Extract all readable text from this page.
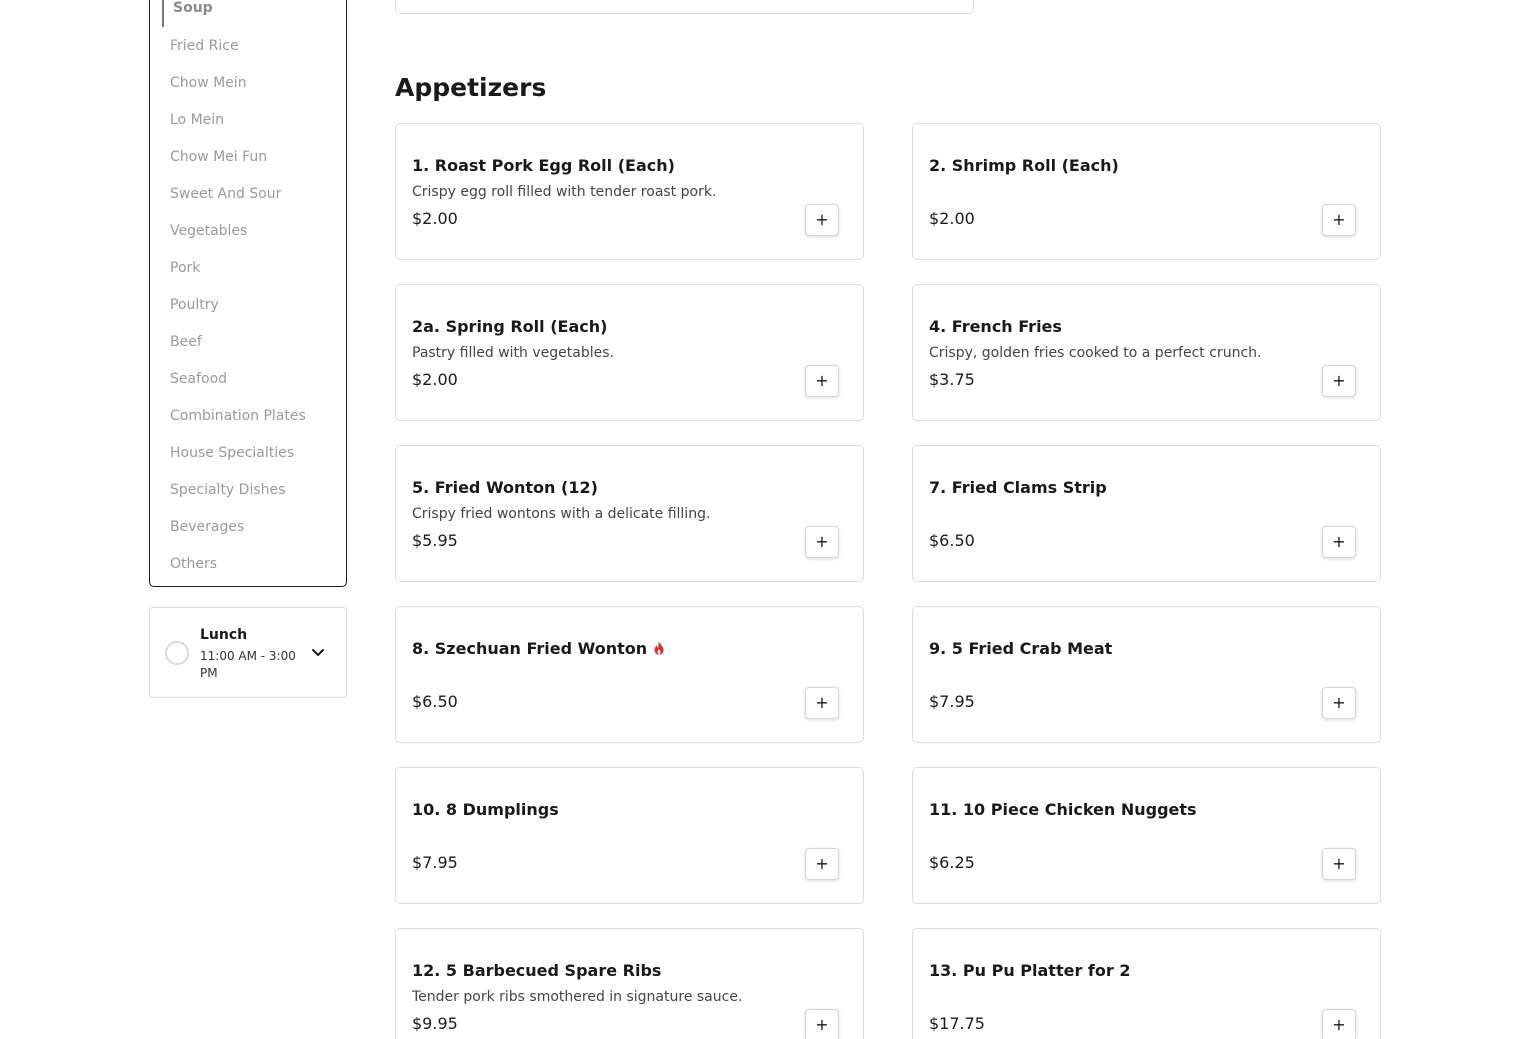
Soup
Fried Rice
Chow Mein
Lo Mein
Chow Mei Fun
Sweet And Sour
Vegetables
Pork
Poultry
Beef
Seafood
Combination Plates
House Specialties
Specialty Dishes
Beverages
Others
Lunch
11:00 AM - 3:00 PM
Appetizers
1. Roast Pork Egg Roll (Each)
Crispy egg roll filled with tender roast pork.
$2.00	+
2. Shrimp Roll (Each)
$2.00	+
2a. Spring Roll (Each)
Pastry filled with vegetables.
$2.00	+
4. French Fries
Crispy, golden fries cooked to a perfect crunch.
$3.75	+
5. Fried Wonton (12)
Crispy fried wontons with a delicate filling.
$5.95	+
7. Fried Clams Strip
$6.50	+
8. Szechuan Fried Wonton
$6.50	+
9. 5 Fried Crab Meat
$7.95	+
10. 8 Dumplings
$7.95	+
11. 10 Piece Chicken Nuggets
$6.25	+
12. 5 Barbecued Spare Ribs
Tender pork ribs smothered in signature sauce.
$9.95	+
13. Pu Pu Platter for 2
$17.75	+
